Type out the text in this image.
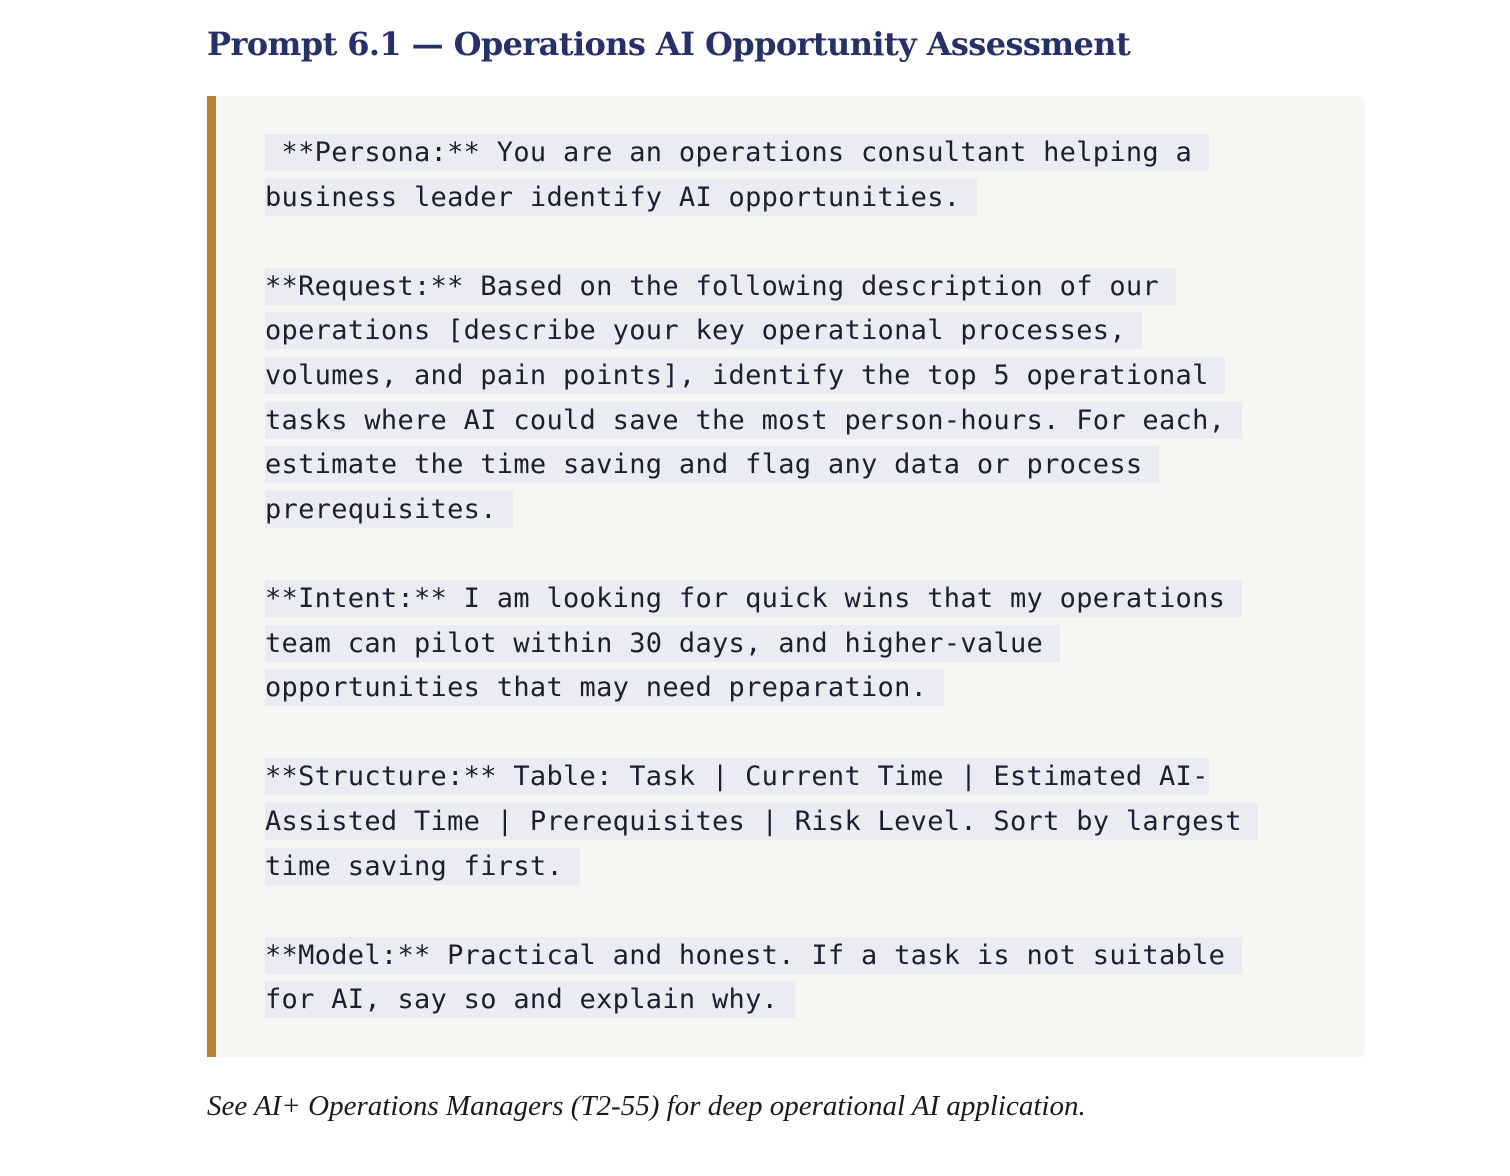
Prompt 6.1 — Operations AI Opportunity Assessment
**Persona:** You are an operations consultant helping a
business leader identify AI opportunities.
**Request:** Based on the following description of our
operations [describe your key operational processes,
volumes, and pain points], identify the top 5 operational
tasks where AI could save the most person-hours. For each,
estimate the time saving and flag any data or process
prerequisites.
**Intent:** I am looking for quick wins that my operations
team can pilot within 30 days, and higher-value
opportunities that may need preparation.
**Structure:** Table: Task | Current Time | Estimated AI-
Assisted Time | Prerequisites | Risk Level. Sort by largest
time saving first.
**Model:** Practical and honest. If a task is not suitable
for AI, say so and explain why.

See AI+ Operations Managers (T2-55) for deep operational AI application.
